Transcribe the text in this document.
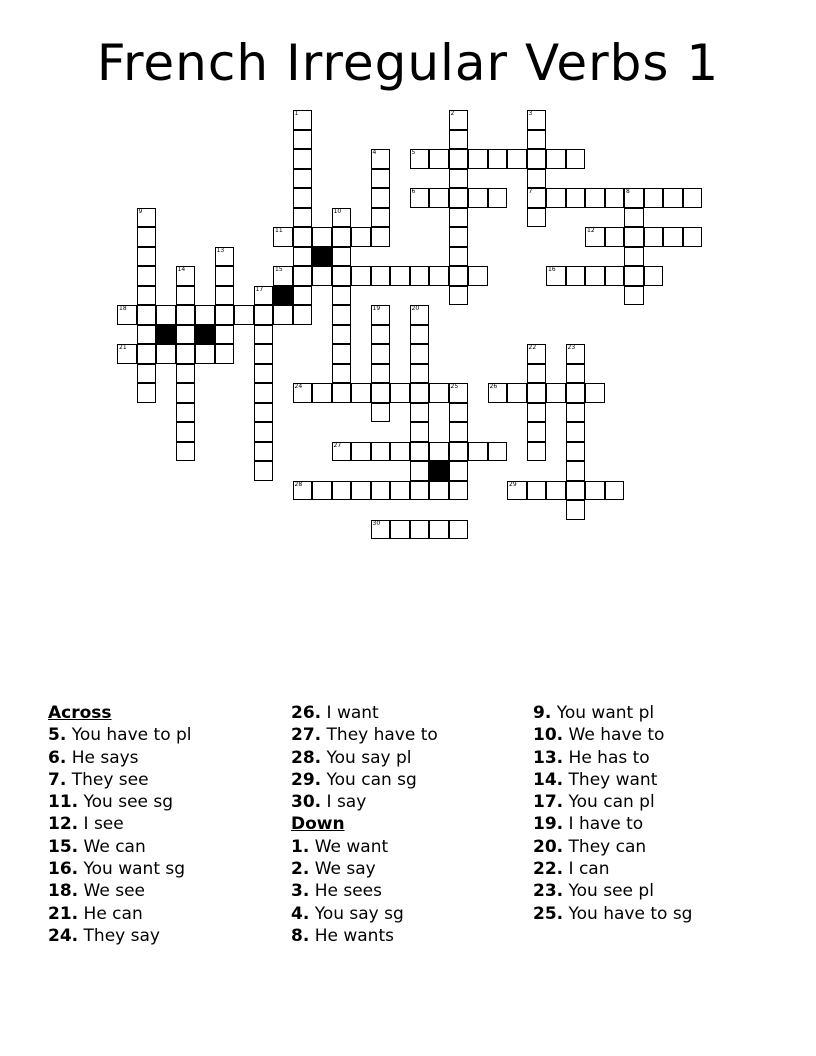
French Irregular Verbs 1
5
6	7	8
11	12
15	16
18
21
24	25	26
27
28	29
30
1	2	3
4
9	10
13
14
17
19	20
22	23
Across
5. You have to pl
6. He says
7. They see
11. You see sg
12. I see
15. We can
16. You want sg
18. We see
21. He can
24. They say
26. I want
27. They have to
28. You say pl
29. You can sg
30. I say
Down
1. We want
2. We say
3. He sees
4. You say sg
8. He wants
9. You want pl
10. We have to
13. He has to
14. They want
17. You can pl
19. I have to
20. They can
22. I can
23. You see pl
25. You have to sg
